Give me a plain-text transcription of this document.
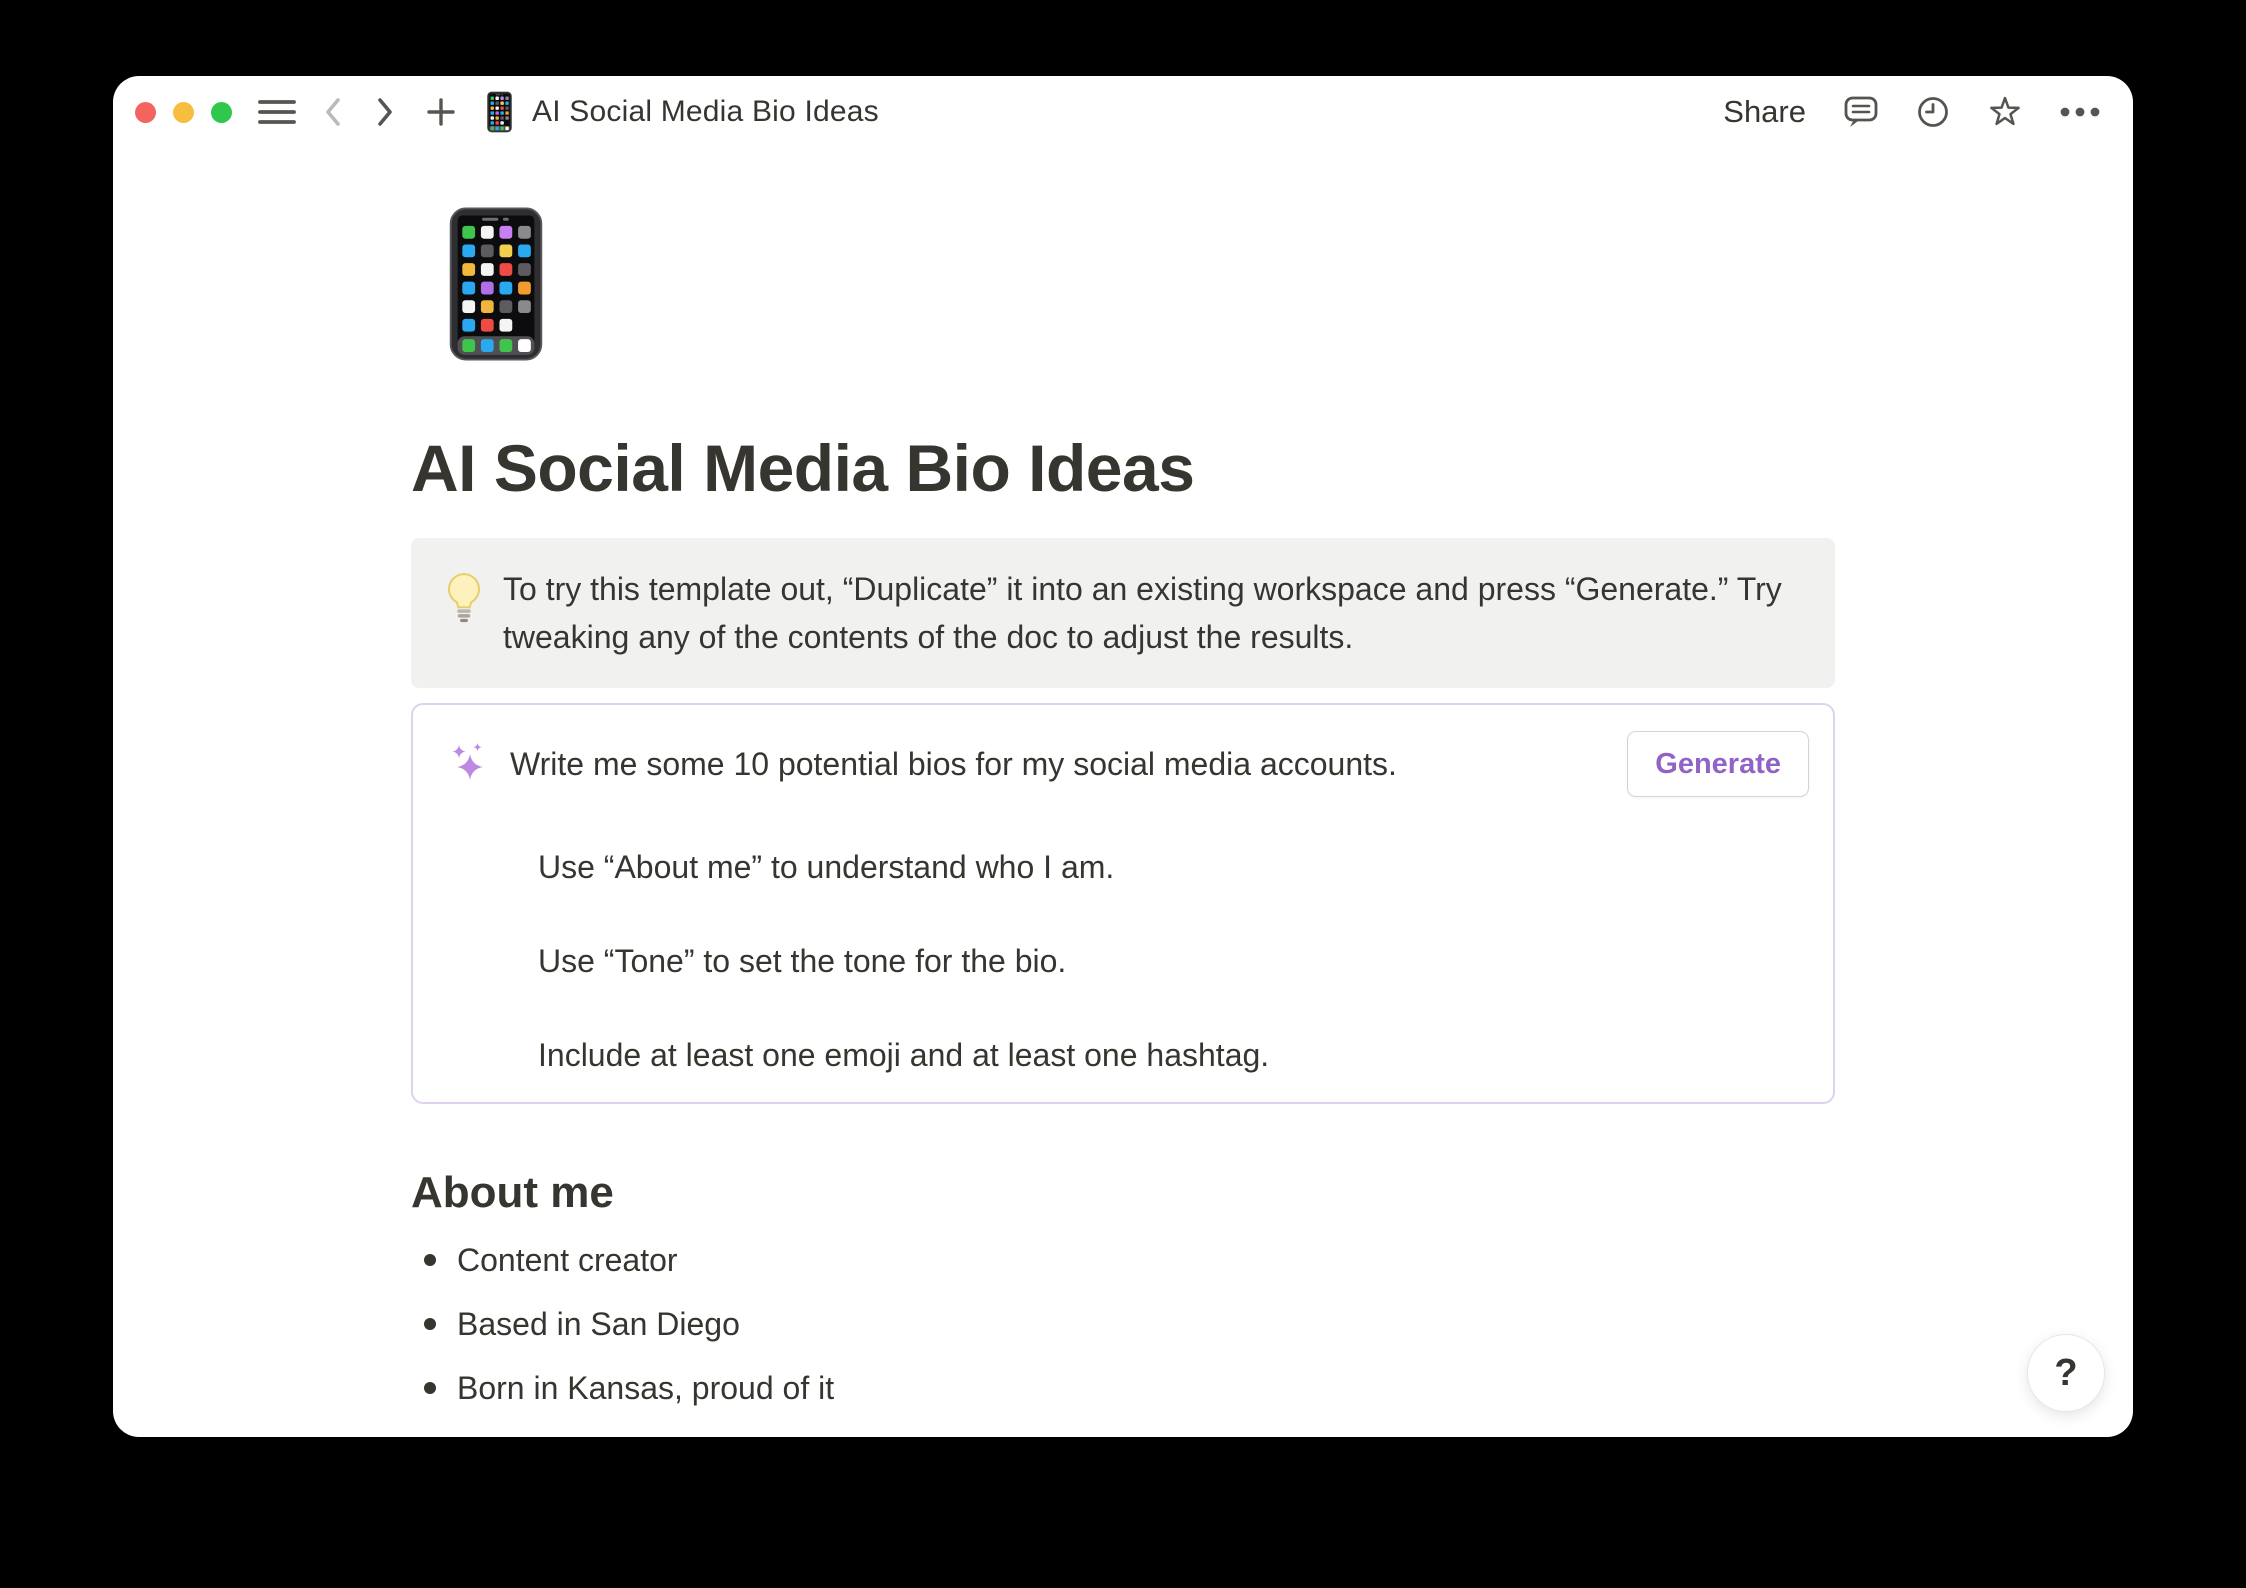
AI Social Media Bio Ideas	Share
AI Social Media Bio Ideas
To try this template out, “Duplicate” it into an existing workspace and press “Generate.” Try tweaking any of the contents of the doc to adjust the results.
Write me some 10 potential bios for my social media accounts.	Generate
Use “About me” to understand who I am.
Use “Tone” to set the tone for the bio.
Include at least one emoji and at least one hashtag.
About me
Content creator
Based in San Diego
Born in Kansas, proud of it	?
